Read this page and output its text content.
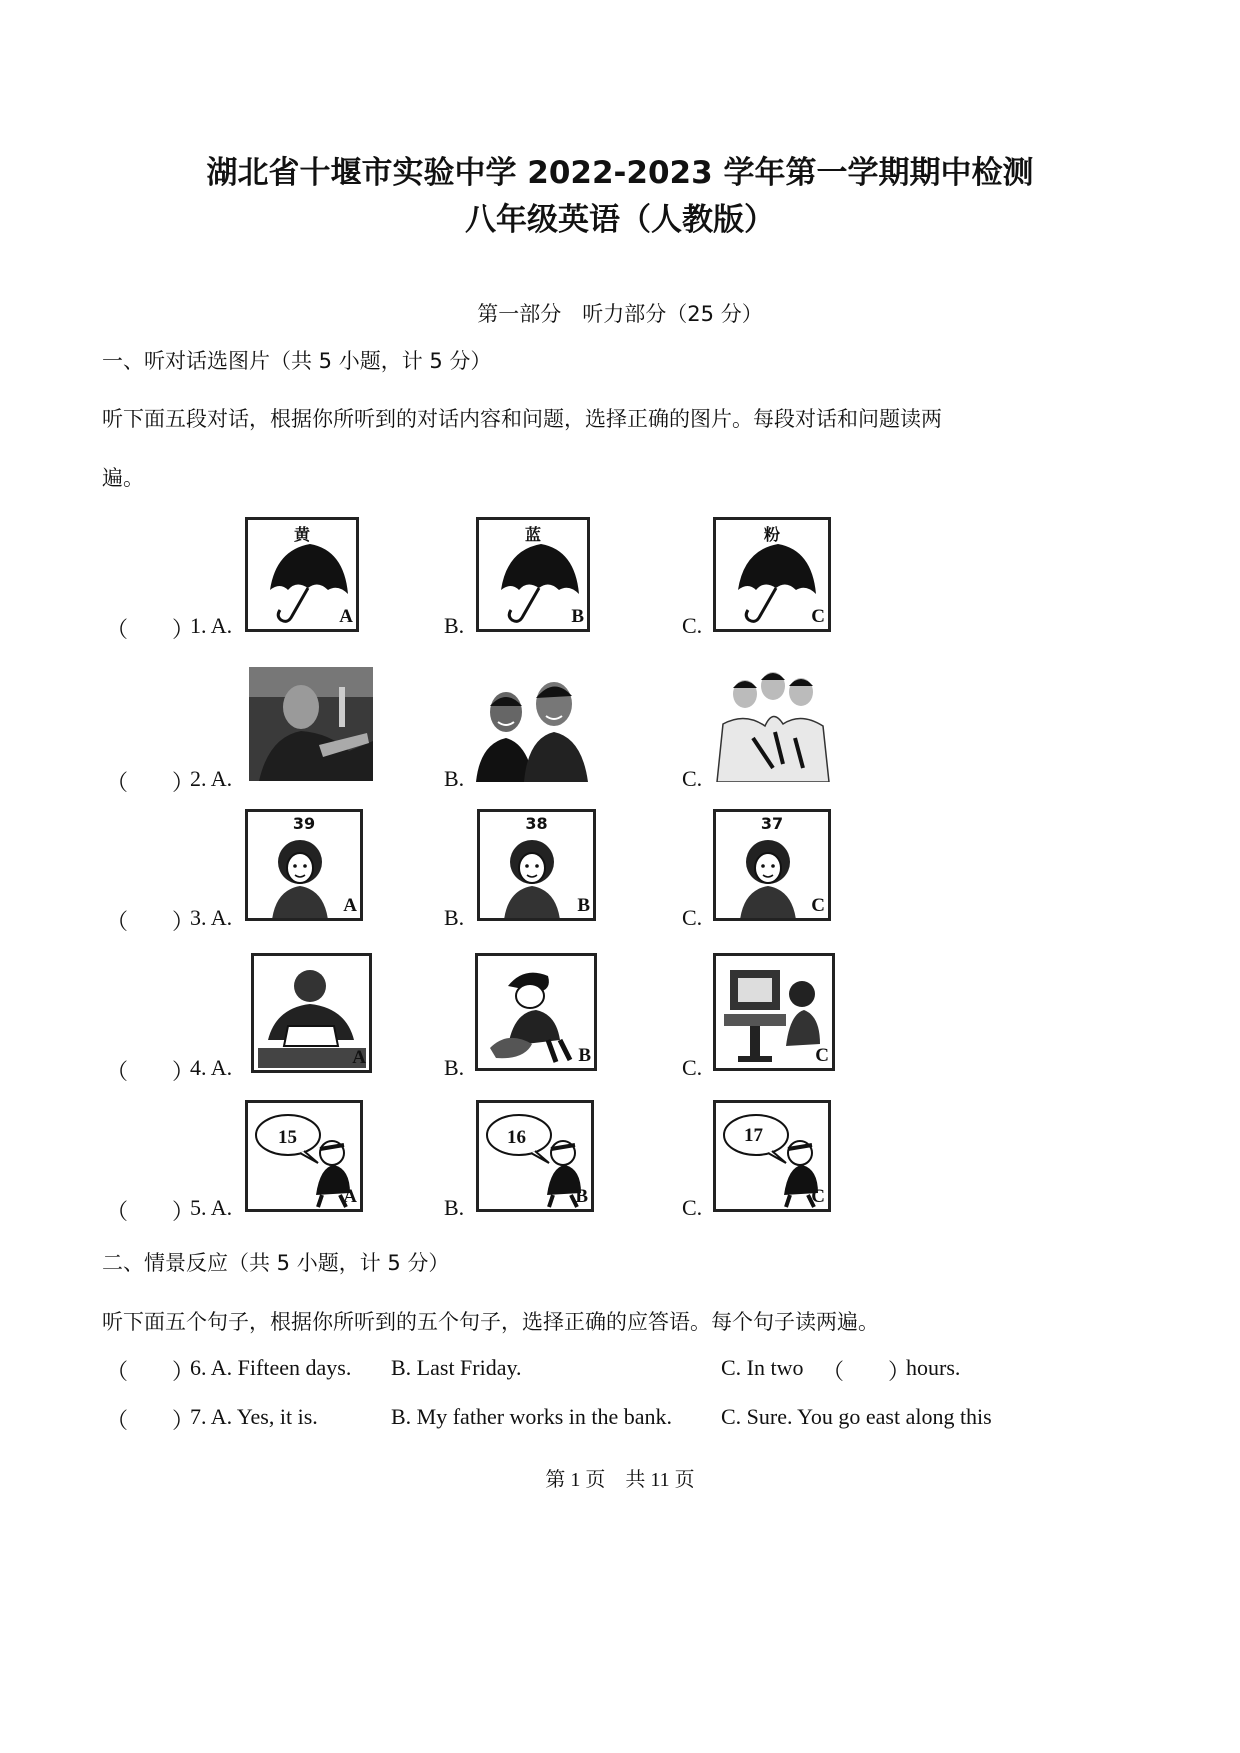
湖北省十堰市实验中学 2022-2023 学年第一学期期中检测
八年级英语（人教版）
第一部分　听力部分（25 分）
一、听对话选图片（共 5 小题，计 5 分）
听下面五段对话，根据你所听到的对话内容和问题，选择正确的图片。每段对话和问题读两
遍。
（　　）
1. A.	B.	C.
黄
A
蓝
B
粉
C
（　　）
2. A.	B.	C.
（　　）
3. A.	B.	C.
39
A
38
B
37
C
（　　）
4. A.	B.	C.
A	B	C
（　　）
5. A.	B.	C.
15
A
16
B
17
C
二、情景反应（共 5 小题，计 5 分）
听下面五个句子，根据你所听到的五个句子，选择正确的应答语。每个句子读两遍。
（　　）
6. A. Fifteen days. B. Last Friday.	C. In two （　　）
hours.
（　　）
7. A. Yes, it is.	B. My father works in the bank. C. Sure. You go east along this
第 1 页　共 11 页
